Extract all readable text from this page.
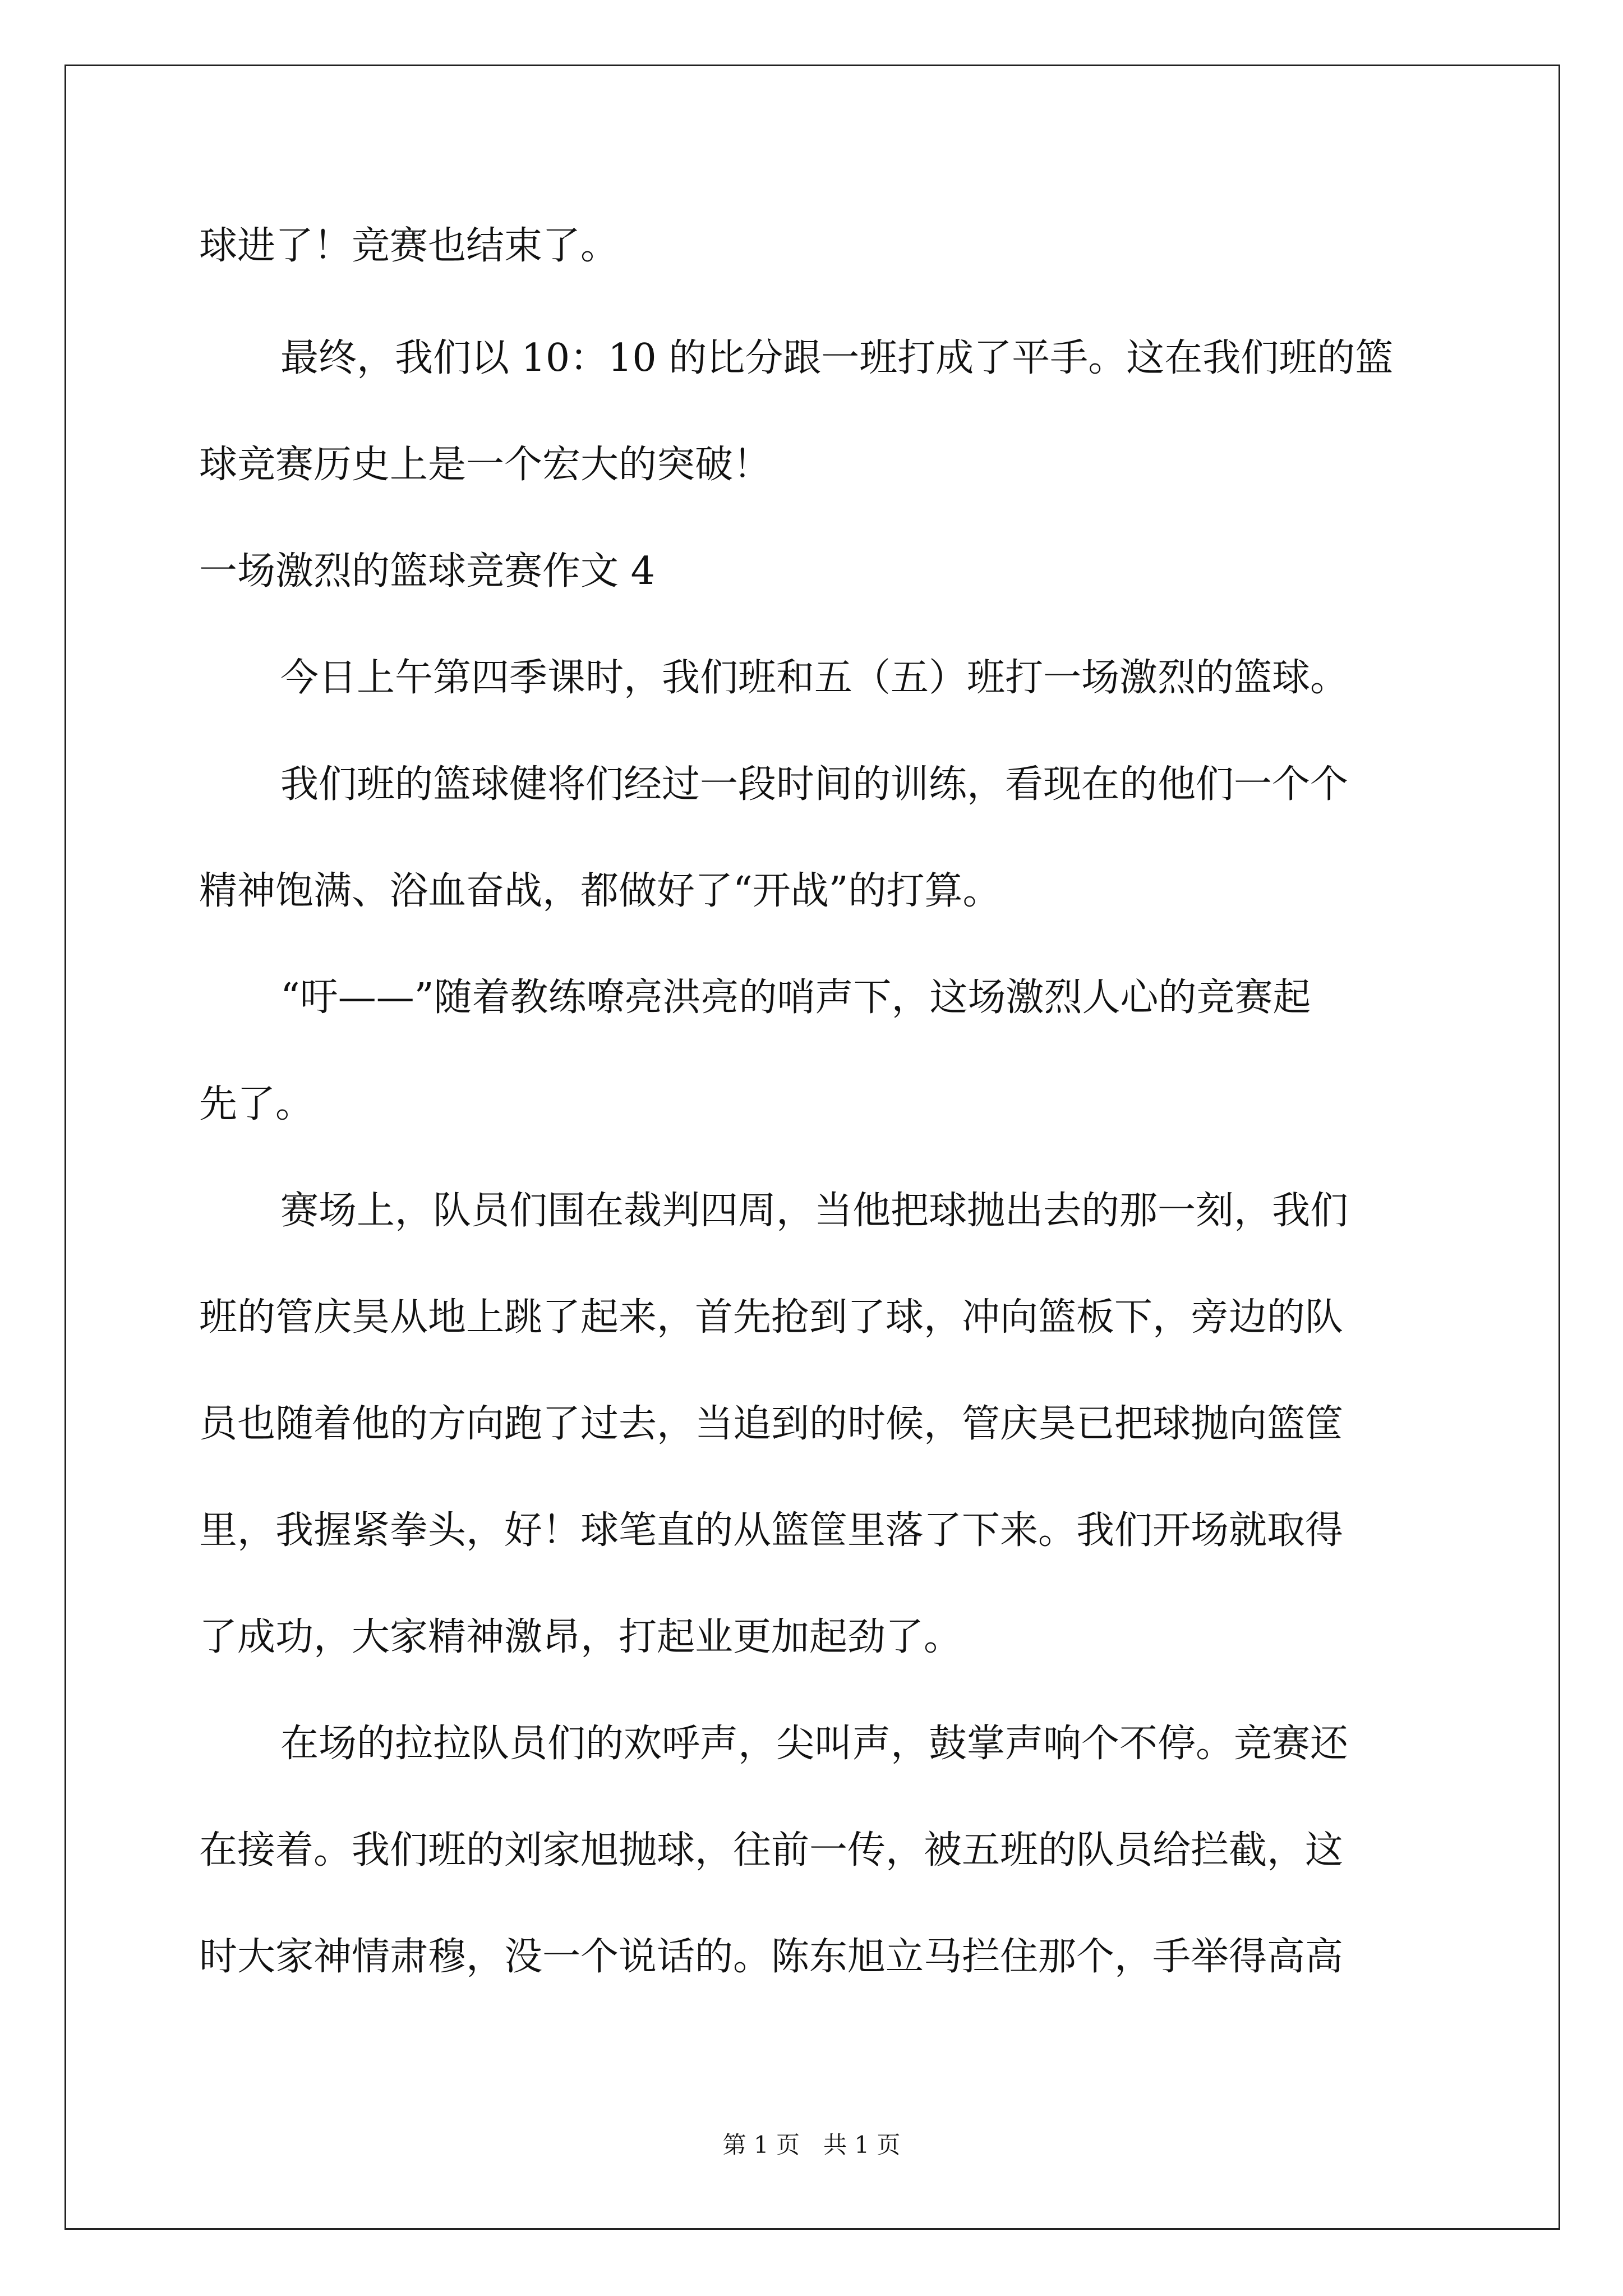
球进了！竞赛也结束了。

最终，我们以 10：10 的比分跟一班打成了平手。这在我们班的篮

球竞赛历史上是一个宏大的突破！

一场激烈的篮球竞赛作文 4

今日上午第四季课时，我们班和五（五）班打一场激烈的篮球。

我们班的篮球健将们经过一段时间的训练，看现在的他们一个个

精神饱满、浴血奋战，都做好了“开战”的打算。

“吁——”随着教练嘹亮洪亮的哨声下，这场激烈人心的竞赛起

先了。

赛场上，队员们围在裁判四周，当他把球抛出去的那一刻，我们

班的管庆昊从地上跳了起来，首先抢到了球，冲向篮板下，旁边的队

员也随着他的方向跑了过去，当追到的时候，管庆昊已把球抛向篮筐

里，我握紧拳头，好！球笔直的从篮筐里落了下来。我们开场就取得

了成功，大家精神激昂，打起业更加起劲了。

在场的拉拉队员们的欢呼声，尖叫声，鼓掌声响个不停。竞赛还

在接着。我们班的刘家旭抛球，往前一传，被五班的队员给拦截，这

时大家神情肃穆，没一个说话的。陈东旭立马拦住那个，手举得高高

第 1 页　共 1 页
